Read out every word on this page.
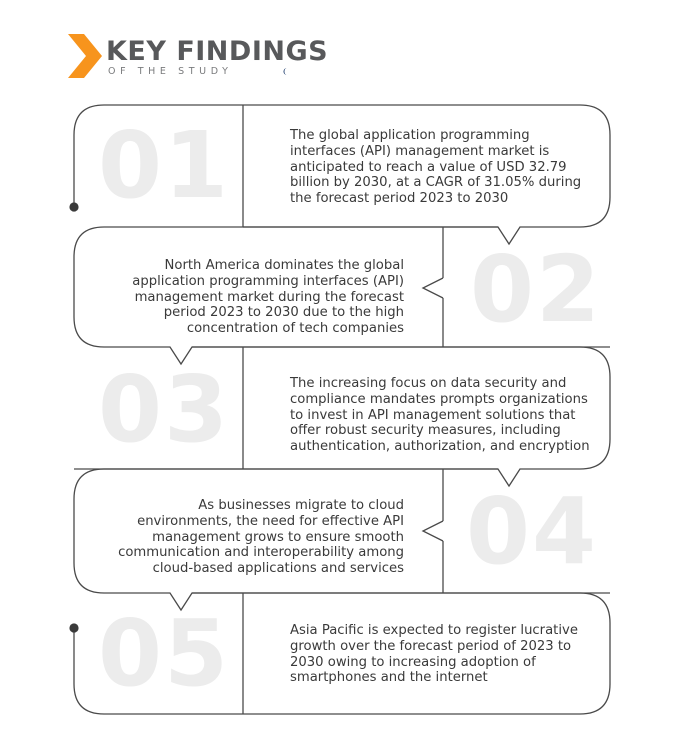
KEY FINDINGS
OF THE STUDY
01
02
03
04
05
The global application programming interfaces (API) management market is anticipated to reach a value of USD 32.79 billion by 2030, at a CAGR of 31.05% during the forecast period 2023 to 2030
North America dominates the global application programming interfaces (API) management market during the forecast period 2023 to 2030 due to the high concentration of tech companies
The increasing focus on data security and compliance mandates prompts organizations to invest in API management solutions that offer robust security measures, including authentication, authorization, and encryption
As businesses migrate to cloud environments, the need for effective API management grows to ensure smooth communication and interoperability among cloud-based applications and services
Asia Pacific is expected to register lucrative growth over the forecast period of 2023 to 2030 owing to increasing adoption of smartphones and the internet
